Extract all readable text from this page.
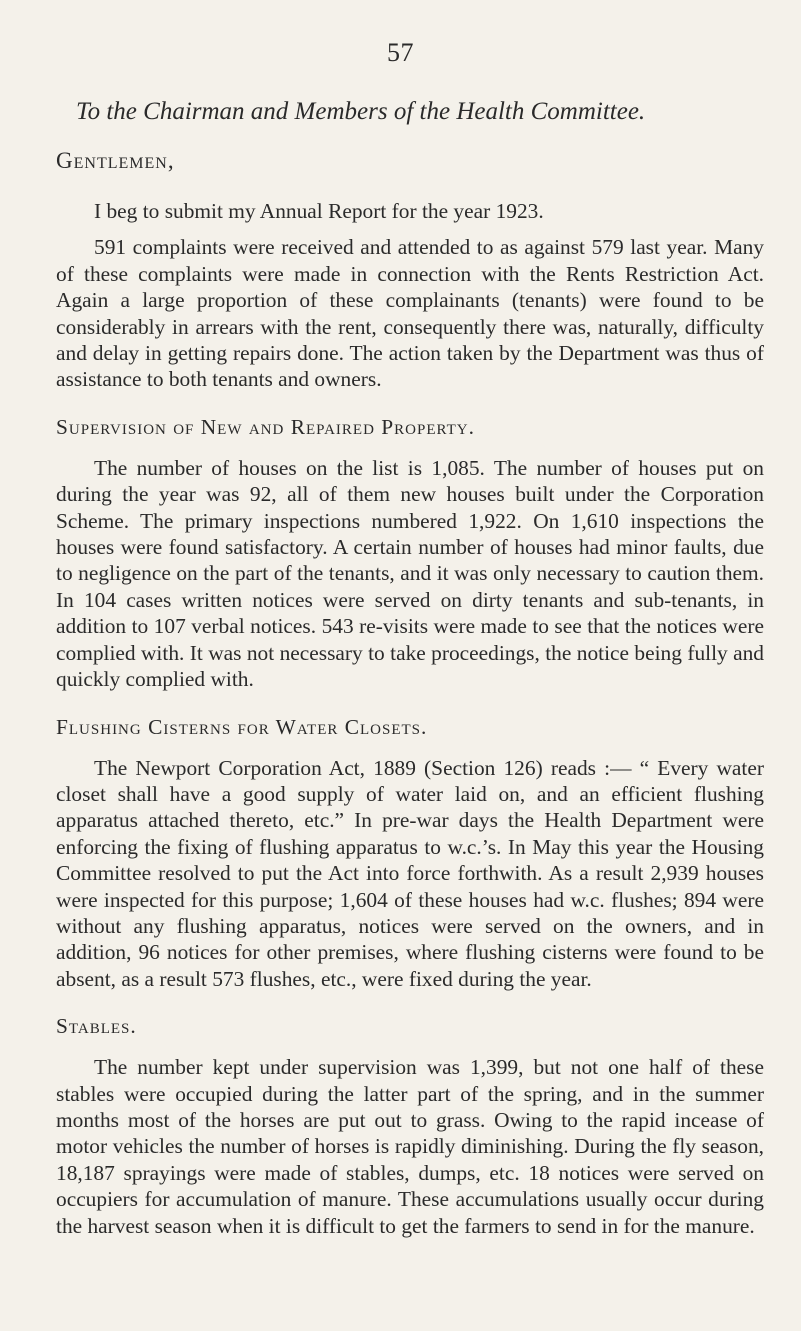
57
To the Chairman and Members of the Health Committee.
Gentlemen,

I beg to submit my Annual Report for the year 1923.

591 complaints were received and attended to as against 579 last year. Many of these complaints were made in connection with the Rents Restriction Act. Again a large proportion of these complainants (tenants) were found to be considerably in arrears with the rent, consequently there was, naturally, difficulty and delay in getting repairs done. The action taken by the Department was thus of assistance to both tenants and owners.

Supervision of New and Repaired Property.

The number of houses on the list is 1,085. The number of houses put on during the year was 92, all of them new houses built under the Corporation Scheme. The primary inspections numbered 1,922. On 1,610 inspections the houses were found satisfactory. A certain number of houses had minor faults, due to negligence on the part of the tenants, and it was only necessary to caution them. In 104 cases written notices were served on dirty tenants and sub-tenants, in addition to 107 verbal notices. 543 re-visits were made to see that the notices were complied with. It was not necessary to take proceedings, the notice being fully and quickly complied with.

Flushing Cisterns for Water Closets.

The Newport Corporation Act, 1889 (Section 126) reads :— “ Every water closet shall have a good supply of water laid on, and an efficient flushing apparatus attached thereto, etc.” In pre-war days the Health Department were enforcing the fixing of flushing apparatus to w.c.’s. In May this year the Housing Committee resolved to put the Act into force forthwith. As a result 2,939 houses were inspected for this purpose; 1,604 of these houses had w.c. flushes; 894 were without any flushing apparatus, notices were served on the owners, and in addition, 96 notices for other premises, where flushing cisterns were found to be absent, as a result 573 flushes, etc., were fixed during the year.

Stables.

The number kept under supervision was 1,399, but not one half of these stables were occupied during the latter part of the spring, and in the summer months most of the horses are put out to grass. Owing to the rapid incease of motor vehicles the number of horses is rapidly diminishing. During the fly season, 18,187 sprayings were made of stables, dumps, etc. 18 notices were served on occupiers for accumulation of manure. These accumulations usually occur during the harvest season when it is difficult to get the farmers to send in for the manure.
